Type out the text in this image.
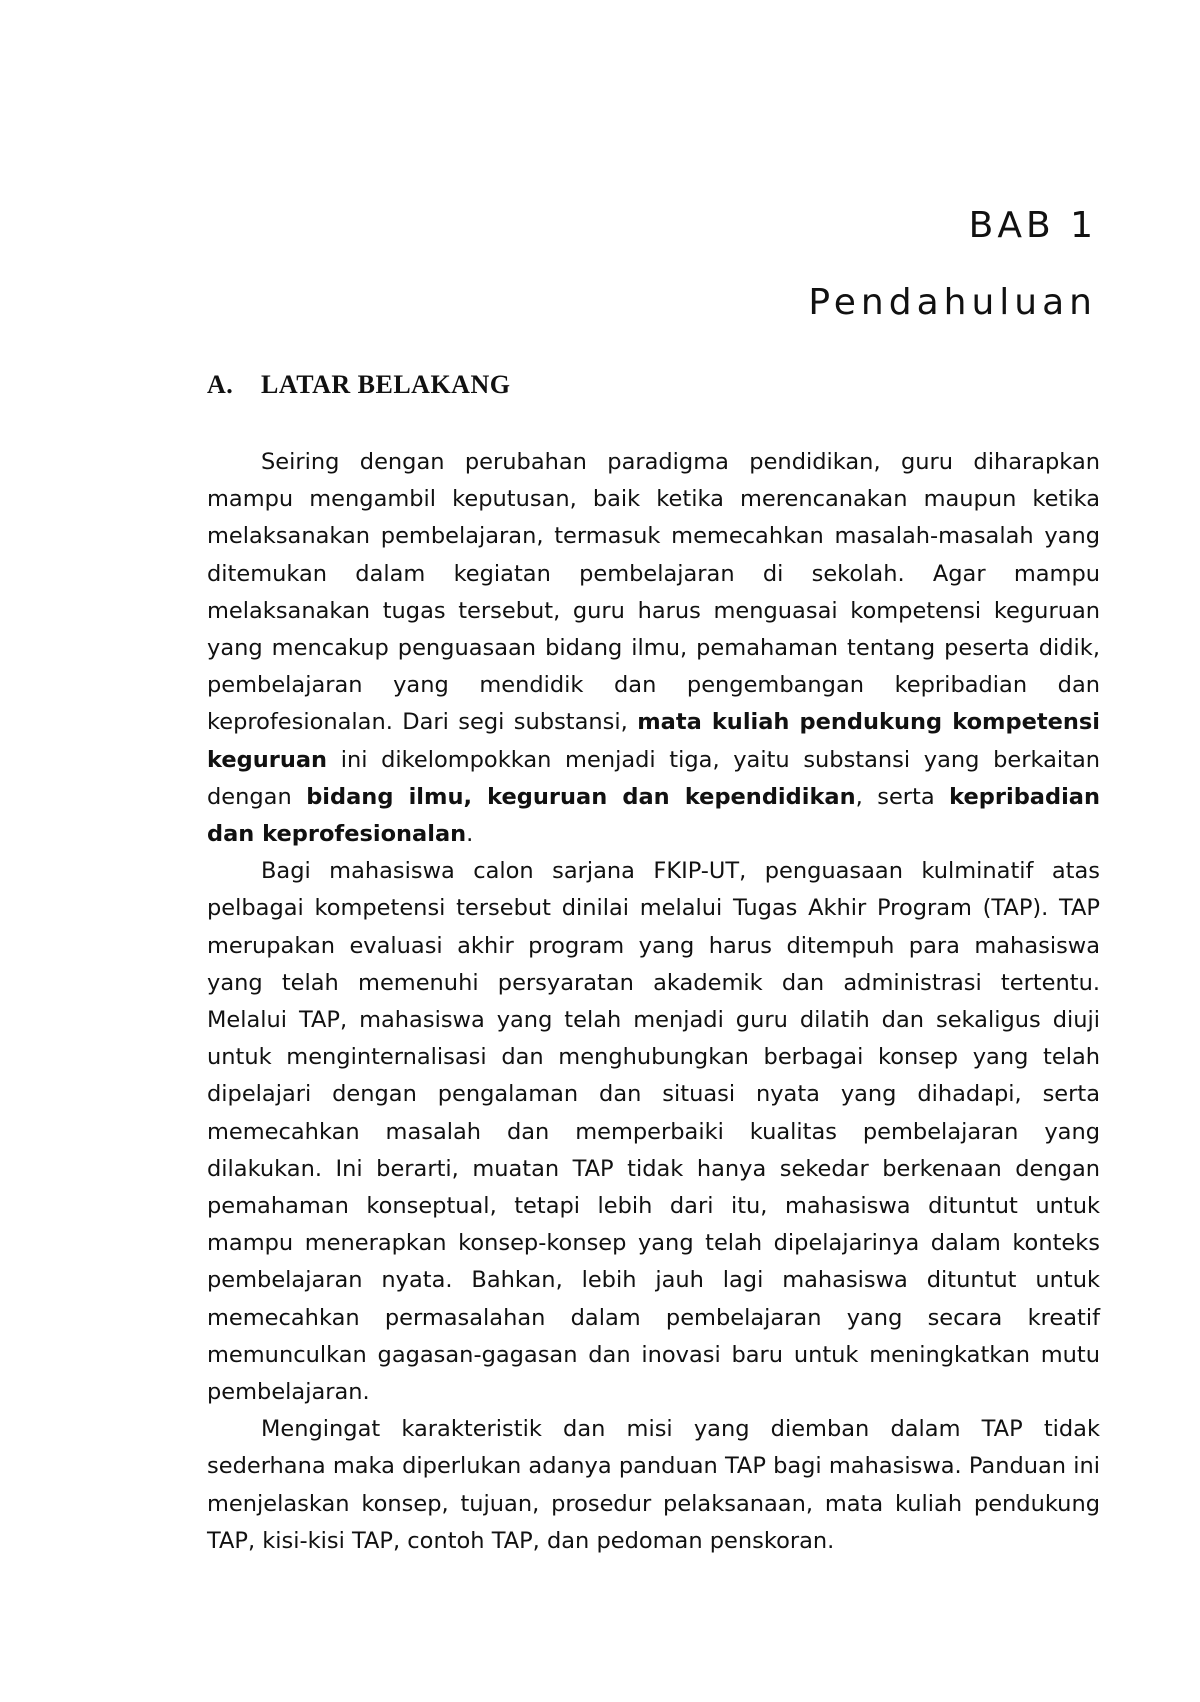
BAB 1
Pendahuluan
A. LATAR BELAKANG

Seiring dengan perubahan paradigma pendidikan, guru diharapkan mampu mengambil keputusan, baik ketika merencanakan maupun ketika melaksanakan pembelajaran, termasuk memecahkan masalah-masalah yang ditemukan dalam kegiatan pembelajaran di sekolah. Agar mampu melaksanakan tugas tersebut, guru harus menguasai kompetensi keguruan yang mencakup penguasaan bidang ilmu, pemahaman tentang peserta didik, pembelajaran yang mendidik dan pengembangan kepribadian dan keprofesionalan. Dari segi substansi, mata kuliah pendukung kompetensi keguruan ini dikelompokkan menjadi tiga, yaitu substansi yang berkaitan dengan bidang ilmu, keguruan dan kependidikan, serta kepribadian dan keprofesionalan.

Bagi mahasiswa calon sarjana FKIP-UT, penguasaan kulminatif atas pelbagai kompetensi tersebut dinilai melalui Tugas Akhir Program (TAP). TAP merupakan evaluasi akhir program yang harus ditempuh para mahasiswa yang telah memenuhi persyaratan akademik dan administrasi tertentu. Melalui TAP, mahasiswa yang telah menjadi guru dilatih dan sekaligus diuji untuk menginternalisasi dan menghubungkan berbagai konsep yang telah dipelajari dengan pengalaman dan situasi nyata yang dihadapi, serta memecahkan masalah dan memperbaiki kualitas pembelajaran yang dilakukan. Ini berarti, muatan TAP tidak hanya sekedar berkenaan dengan pemahaman konseptual, tetapi lebih dari itu, mahasiswa dituntut untuk mampu menerapkan konsep-konsep yang telah dipelajarinya dalam konteks pembelajaran nyata. Bahkan, lebih jauh lagi mahasiswa dituntut untuk memecahkan permasalahan dalam pembelajaran yang secara kreatif memunculkan gagasan-gagasan dan inovasi baru untuk meningkatkan mutu pembelajaran.

Mengingat karakteristik dan misi yang diemban dalam TAP tidak sederhana maka diperlukan adanya panduan TAP bagi mahasiswa. Panduan ini menjelaskan konsep, tujuan, prosedur pelaksanaan, mata kuliah pendukung TAP, kisi-kisi TAP, contoh TAP, dan pedoman penskoran.
